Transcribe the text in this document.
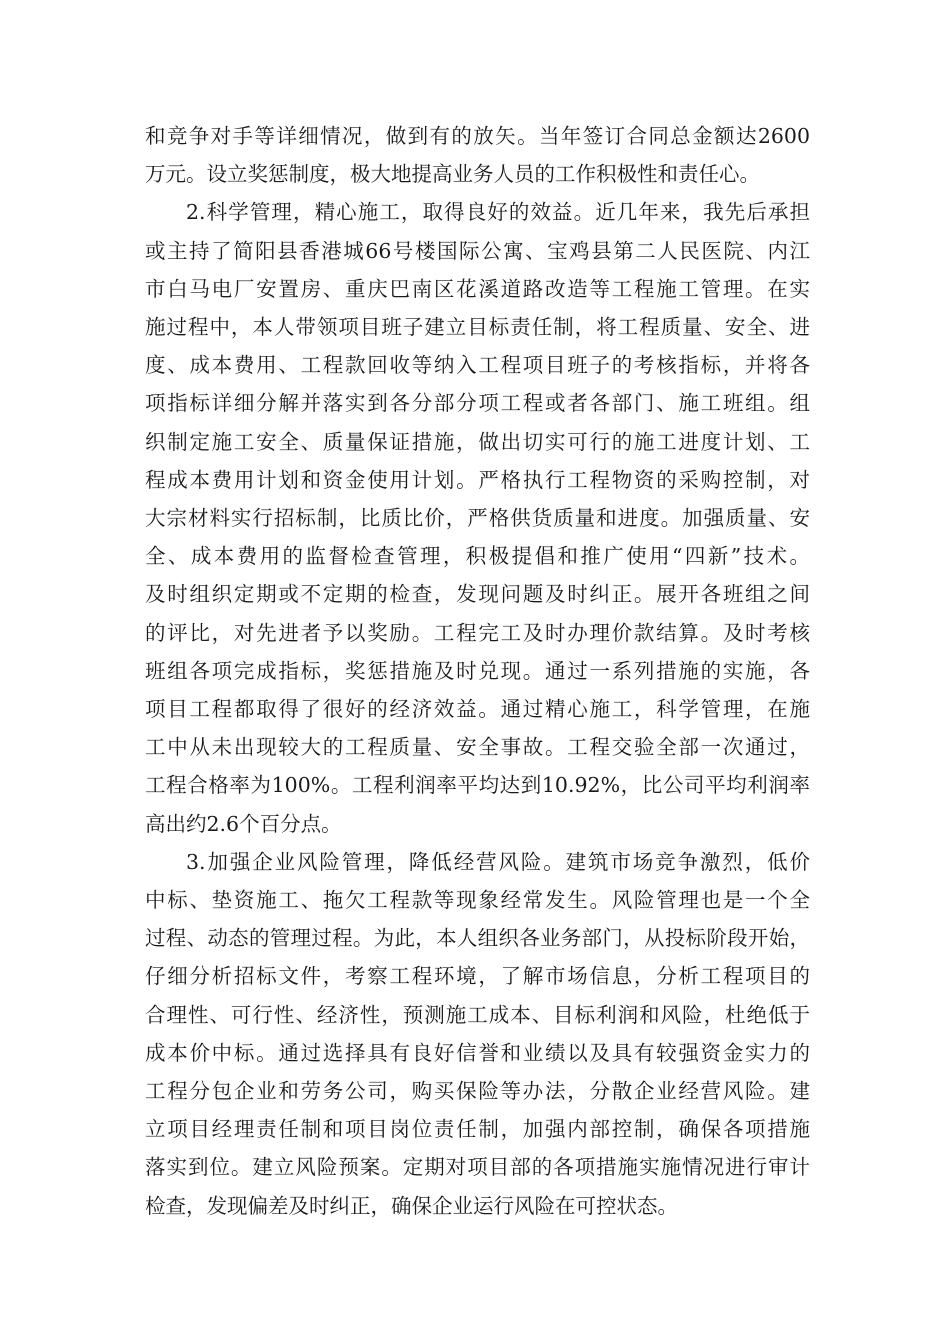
和竞争对手等详细情况，做到有的放矢。当年签订合同总金额达2600
万元。设立奖惩制度，极大地提高业务人员的工作积极性和责任心。
2.科学管理，精心施工，取得良好的效益。近几年来，我先后承担
或主持了简阳县香港城66号楼国际公寓、宝鸡县第二人民医院、内江
市白马电厂安置房、重庆巴南区花溪道路改造等工程施工管理。在实
施过程中，本人带领项目班子建立目标责任制，将工程质量、安全、进
度、成本费用、工程款回收等纳入工程项目班子的考核指标，并将各
项指标详细分解并落实到各分部分项工程或者各部门、施工班组。组
织制定施工安全、质量保证措施，做出切实可行的施工进度计划、工
程成本费用计划和资金使用计划。严格执行工程物资的采购控制，对
大宗材料实行招标制，比质比价，严格供货质量和进度。加强质量、安
全、成本费用的监督检查管理，积极提倡和推广使用“四新”技术。
及时组织定期或不定期的检查，发现问题及时纠正。展开各班组之间
的评比，对先进者予以奖励。工程完工及时办理价款结算。及时考核
班组各项完成指标，奖惩措施及时兑现。通过一系列措施的实施，各
项目工程都取得了很好的经济效益。通过精心施工，科学管理，在施
工中从未出现较大的工程质量、安全事故。工程交验全部一次通过，
工程合格率为100%。工程利润率平均达到10.92%，比公司平均利润率
高出约2.6个百分点。
3.加强企业风险管理，降低经营风险。建筑市场竞争激烈，低价
中标、垫资施工、拖欠工程款等现象经常发生。风险管理也是一个全
过程、动态的管理过程。为此，本人组织各业务部门，从投标阶段开始，
仔细分析招标文件，考察工程环境，了解市场信息，分析工程项目的
合理性、可行性、经济性，预测施工成本、目标利润和风险，杜绝低于
成本价中标。通过选择具有良好信誉和业绩以及具有较强资金实力的
工程分包企业和劳务公司，购买保险等办法，分散企业经营风险。建
立项目经理责任制和项目岗位责任制，加强内部控制，确保各项措施
落实到位。建立风险预案。定期对项目部的各项措施实施情况进行审计
检查，发现偏差及时纠正，确保企业运行风险在可控状态。
